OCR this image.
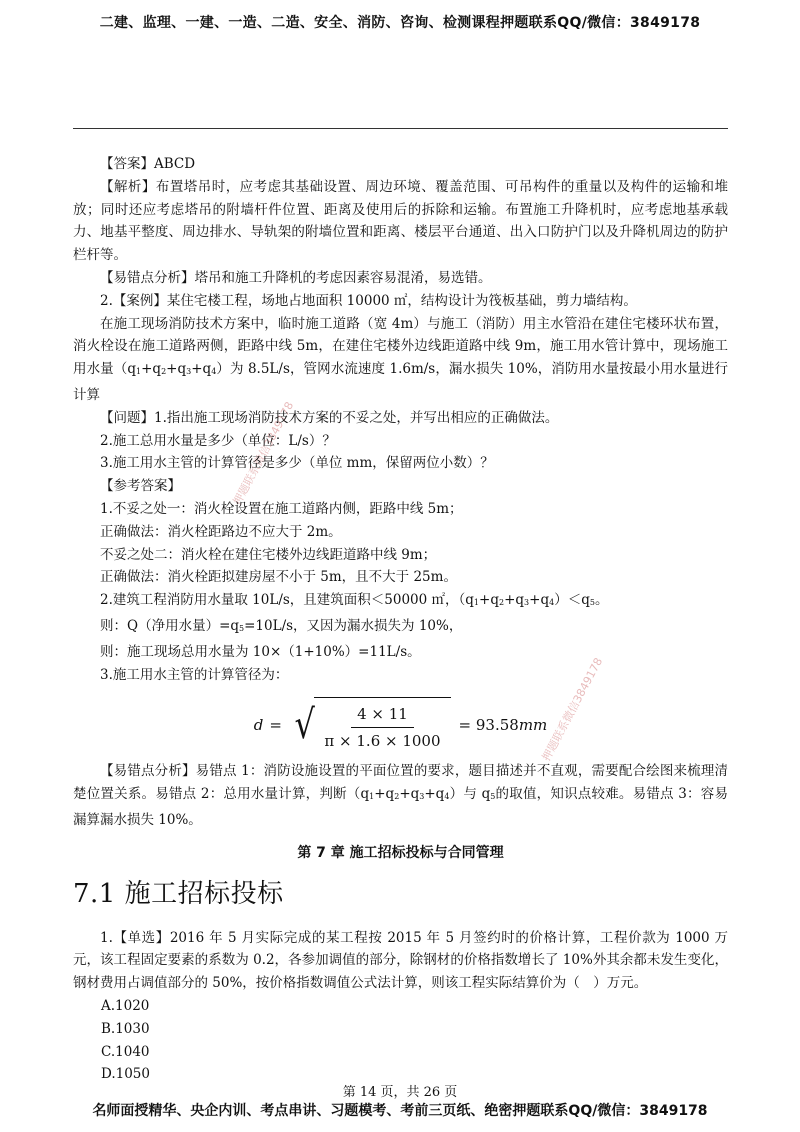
二建、监理、一建、一造、二造、安全、消防、咨询、检测课程押题联系QQ/微信：3849178
押题联系微信3849178
押题联系微信3849178

【答案】ABCD

【解析】布置塔吊时，应考虑其基础设置、周边环境、覆盖范围、可吊构件的重量以及构件的运输和堆放；同时还应考虑塔吊的附墙杆件位置、距离及使用后的拆除和运输。布置施工升降机时，应考虑地基承载力、地基平整度、周边排水、导轨架的附墙位置和距离、楼层平台通道、出入口防护门以及升降机周边的防护栏杆等。

【易错点分析】塔吊和施工升降机的考虑因素容易混淆，易选错。

2.【案例】某住宅楼工程，场地占地面积 10000 ㎡，结构设计为筏板基础，剪力墙结构。

在施工现场消防技术方案中，临时施工道路（宽 4m）与施工（消防）用主水管沿在建住宅楼环状布置，消火栓设在施工道路两侧，距路中线 5m，在建住宅楼外边线距道路中线 9m，施工用水管计算中，现场施工用水量（q1+q2+q3+q4）为 8.5L/s，管网水流速度 1.6m/s，漏水损失 10%，消防用水量按最小用水量进行计算

【问题】1.指出施工现场消防技术方案的不妥之处，并写出相应的正确做法。

2.施工总用水量是多少（单位：L/s）？

3.施工用水主管的计算管径是多少（单位 mm，保留两位小数）？

【参考答案】

1.不妥之处一：消火栓设置在施工道路内侧，距路中线 5m；

正确做法：消火栓距路边不应大于 2m。

不妥之处二：消火栓在建住宅楼外边线距道路中线 9m；

正确做法：消火栓距拟建房屋不小于 5m，且不大于 25m。

2.建筑工程消防用水量取 10L/s，且建筑面积＜50000 ㎡，（q1+q2+q3+q4）＜q5。

则：Q（净用水量）=q5=10L/s，又因为漏水损失为 10%，

则：施工现场总用水量为 10×（1+10%）=11L/s。

3.施工用水主管的计算管径为：

d = √ $\frac{4 \times 11}{\pi \times 1.6 \times 1000} = 93.58$ mm

【易错点分析】易错点 1：消防设施设置的平面位置的要求，题目描述并不直观，需要配合绘图来梳理清楚位置关系。易错点 2：总用水量计算，判断（q1+q2+q3+q4）与 q5的取值，知识点较难。易错点 3：容易漏算漏水损失 10%。

第 7 章 施工招标投标与合同管理
7.1 施工招标投标

1.【单选】2016 年 5 月实际完成的某工程按 2015 年 5 月签约时的价格计算，工程价款为 1000 万元，该工程固定要素的系数为 0.2，各参加调值的部分，除钢材的价格指数增长了 10%外其余都未发生变化，钢材费用占调值部分的 50%，按价格指数调值公式法计算，则该工程实际结算价为（　）万元。

A.1020

B.1030

C.1040

D.1050

第 14 页，共 26 页
名师面授精华、央企内训、考点串讲、习题模考、考前三页纸、绝密押题联系QQ/微信：3849178
